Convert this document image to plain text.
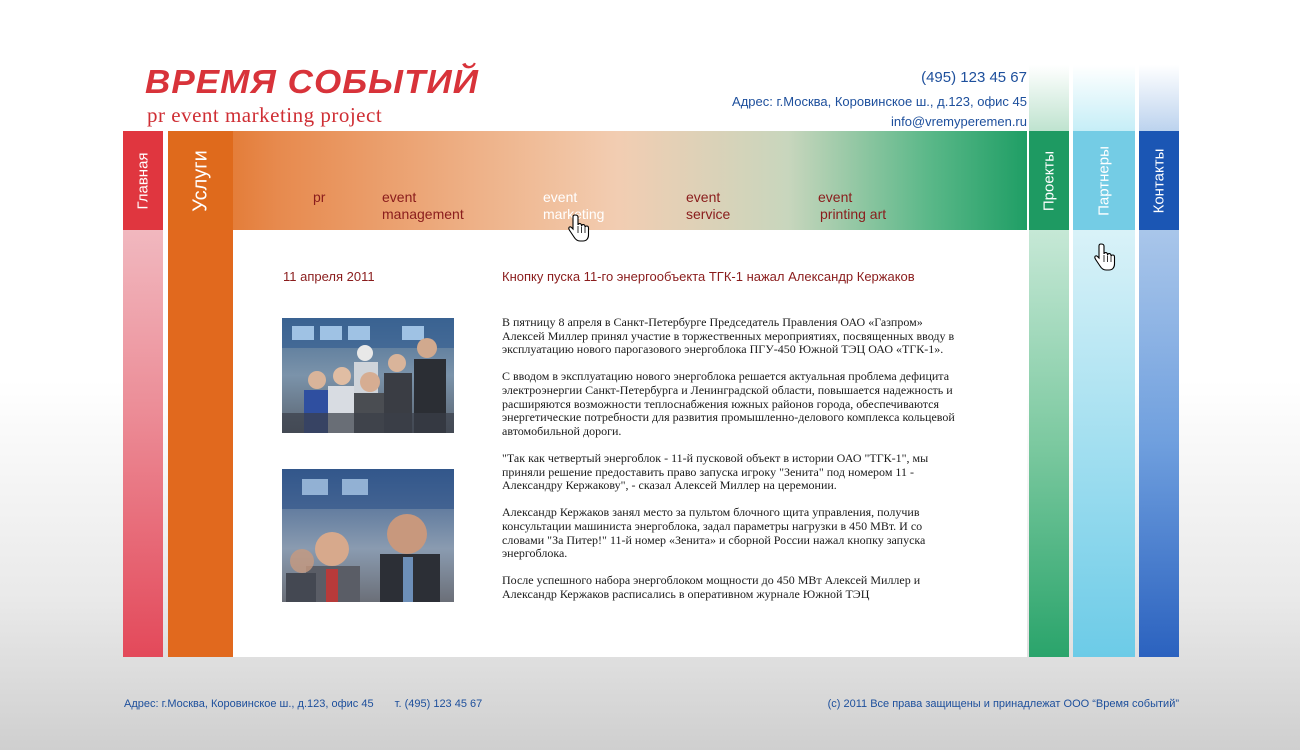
ВРЕМЯ СОБЫТИЙ
pr event marketing project
(495) 123 45 67
Адрес: г.Москва, Коровинское ш., д.123, офис 45
info@vremyperemen.ru
Главная Услуги	pr	event
management
event
marketing
event
service
event
printing art
Проекты	Партнеры	Контакты
11 апреля 2011	Кнопку пуска 11-го энергообъекта ТГК-1 нажал Александр Кержаков

В пятницу 8 апреля в Санкт-Петербурге Председатель Правления ОАО «Газпром» Алексей Миллер принял участие в торжественных мероприятиях, посвященных вводу в эксплуатацию нового парогазового энергоблока ПГУ-450 Южной ТЭЦ ОАО «ТГК-1».

С вводом в эксплуатацию нового энергоблока решается актуальная проблема дефицита электроэнергии Санкт-Петербурга и Ленинградской области, повышается надежность и расширяются возможности теплоснабжения южных районов города, обеспечиваются энергетические потребности для развития промышленно-делового комплекса кольцевой автомобильной дороги.

"Так как четвертый энергоблок - 11-й пусковой объект в истории ОАО "ТГК-1", мы приняли решение предоставить право запуска игроку "Зенита" под номером 11 - Александру Кержакову", - сказал Алексей Миллер на церемонии.

Александр Кержаков занял место за пультом блочного щита управления, получив консультации машиниста энергоблока, задал параметры нагрузки в 450 МВт. И со словами "За Питер!" 11-й номер «Зенита» и сборной России нажал кнопку запуска энергоблока.

После успешного набора энергоблоком мощности до 450 МВт Алексей Миллер и Александр Кержаков расписались в оперативном журнале Южной ТЭЦ

Адрес: г.Москва, Коровинское ш., д.123, офис 45 т. (495) 123 45 67	(c) 2011 Все права защищены и принадлежат ООО “Время событий”
